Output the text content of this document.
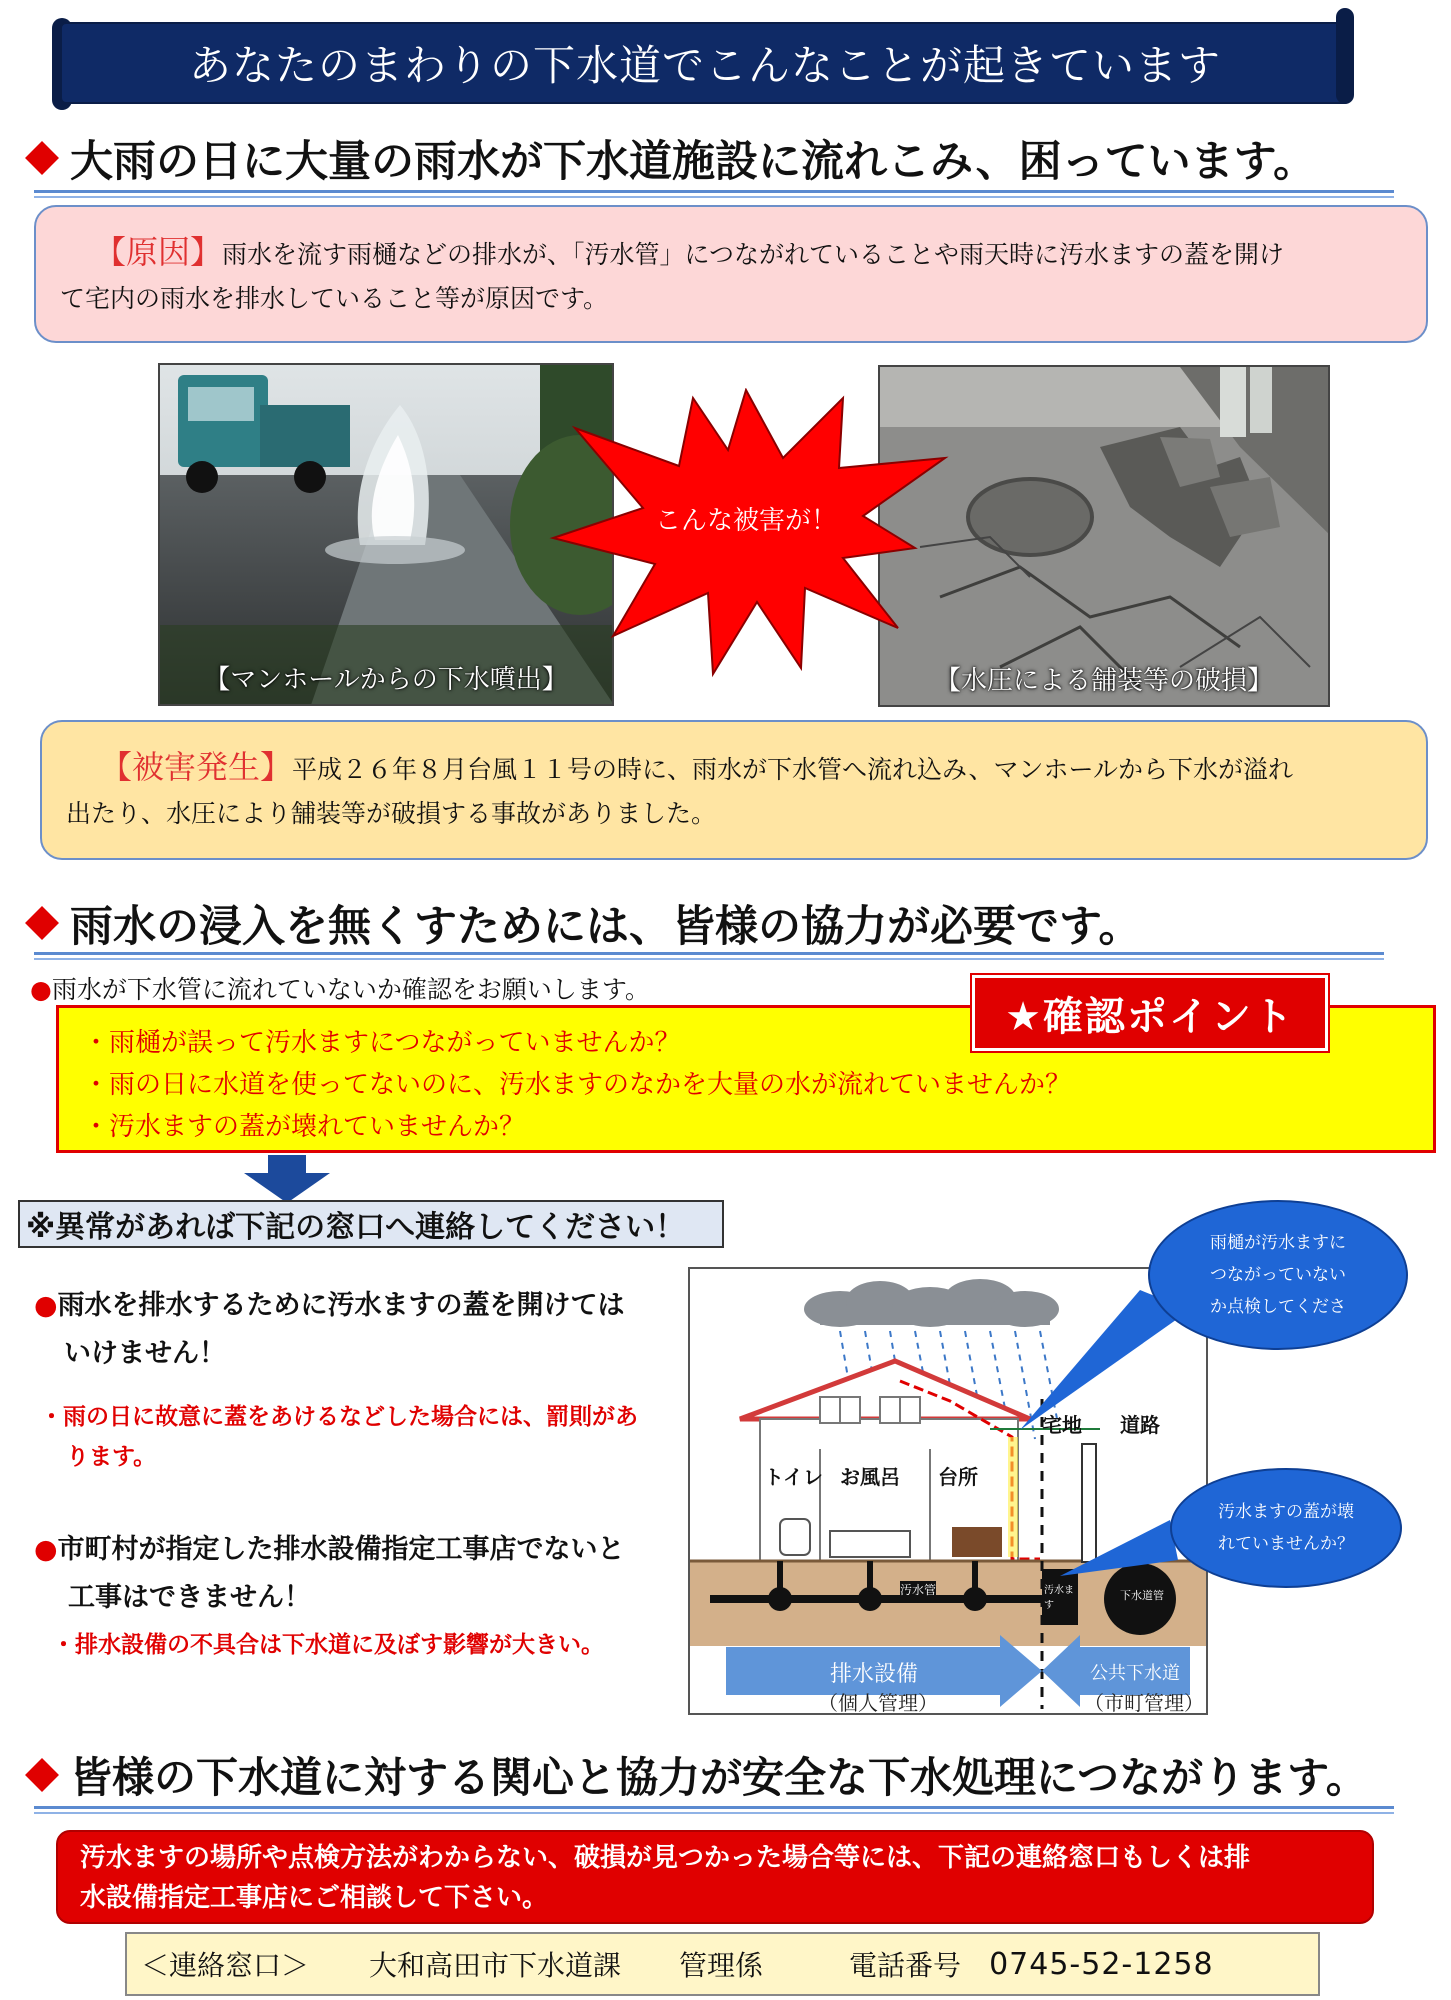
あなたのまわりの下水道でこんなことが起きています
大雨の日に大量の雨水が下水道施設に流れこみ、困っています。
【原因】雨水を流す雨樋などの排水が、「汚水管」につながれていることや雨天時に汚水ますの蓋を開け
て宅内の雨水を排水していること等が原因です。
【マンホールからの下水噴出】	【水圧による舗装等の破損】
こんな被害が！
【被害発生】平成２６年８月台風１１号の時に、雨水が下水管へ流れ込み、マンホールから下水が溢れ
出たり、水圧により舗装等が破損する事故がありました。
雨水の浸入を無くすためには、皆様の協力が必要です。
●雨水が下水管に流れていないか確認をお願いします。
・雨樋が誤って汚水ますにつながっていませんか？
・雨の日に水道を使ってないのに、汚水ますのなかを大量の水が流れていませんか？
・汚水ますの蓋が壊れていませんか？
★確認ポイント
※異常があれば下記の窓口へ連絡してください！
●雨水を排水するために汚水ますの蓋を開けては
いけません！
・雨の日に故意に蓋をあけるなどした場合には、罰則があ
ります。
●市町村が指定した排水設備指定工事店でないと
工事はできません！
・排水設備の不具合は下水道に及ぼす影響が大きい。
宅地 道路
トイレ お風呂 台所
汚水管	汚水ます
下水道管
排水設備
（個人管理）
公共下水道
（市町管理）
雨樋が汚水ますに
つながっていない
か点検してくださ
汚水ますの蓋が壊
れていませんか？
皆様の下水道に対する関心と協力が安全な下水処理につながります。
汚水ますの場所や点検方法がわからない、破損が見つかった場合等には、下記の連絡窓口もしくは排
水設備指定工事店にご相談して下さい。
＜連絡窓口＞ 大和高田市下水道課 管理係	電話番号 0745-52-1258
